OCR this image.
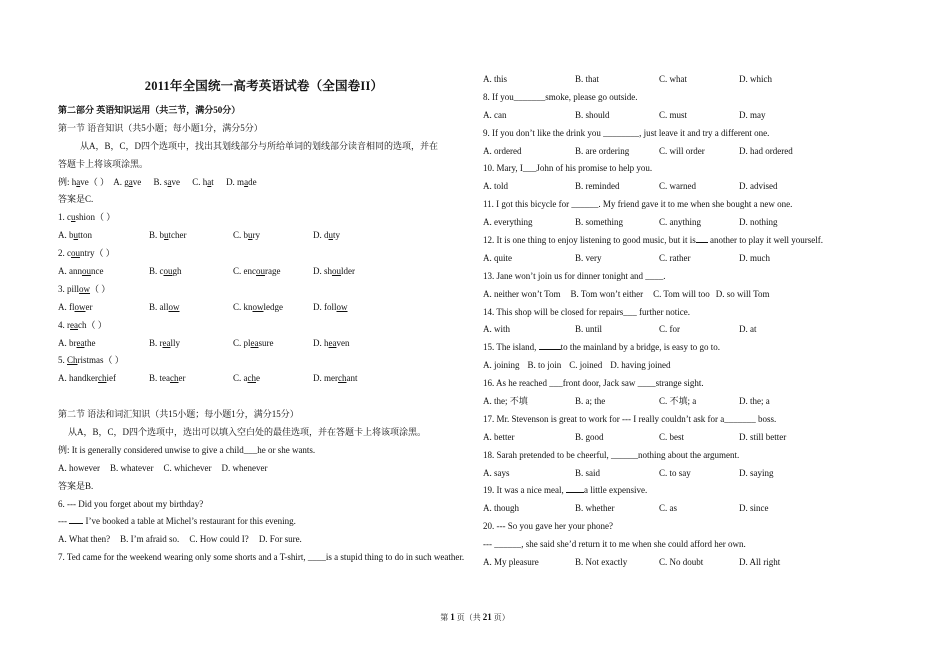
2011年全国统一高考英语试卷（全国卷II）
第二部分 英语知识运用（共三节，满分50分）
第一节 语音知识（共5小题；每小题1分，满分5分）
从A，B，C，D四个选项中，找出其划线部分与所给单词的划线部分读音相同的选项，并在
答题卡上将该项涂黑。
例: have（ ） A. gave B. save C. hat D. made
答案是C.
1. cushion（ ）
A. button	B. butcher	C. bury	D. duty
2. country（ ）
A. announce	B. cough	C. encourage	D. shoulder
3. pillow（ ）
A. flower	B. allow	C. knowledge	D. follow
4. reach（ ）
A. breathe	B. really	C. pleasure	D. heaven
5. Christmas（ ）
A. handkerchief	B. teacher	C. ache	D. merchant
第二节 语法和词汇知识（共15小题；每小题1分，满分15分）
从A，B，C，D四个选项中，选出可以填入空白处的最佳选项，并在答题卡上将该项涂黑。
例: It is generally considered unwise to give a child___he or she wants.
A. however B. whatever C. whichever D. whenever
答案是B.
6. --- Did you forget about my birthday?
---  I’ve booked a table at Michel’s restaurant for this evening.
A. What then? B. I’m afraid so. C. How could I? D. For sure.
7. Ted came for the weekend wearing only some shorts and a T-shirt, ____is a stupid thing to do in such weather.
A. this	B. that	C. what	D. which
8. If you_______smoke, please go outside.
A. can	B. should	C. must	D. may
9. If you don’t like the drink you ________, just leave it and try a different one.
A. ordered	B. are ordering	C. will order	D. had ordered
10. Mary, I___John of his promise to help you.
A. told	B. reminded	C. warned	D. advised
11. I got this bicycle for ______. My friend gave it to me when she bought a new one.
A. everything	B. something	C. anything	D. nothing
12. It is one thing to enjoy listening to good music, but it is another to play it well yourself.
A. quite	B. very	C. rather	D. much
13. Jane won’t join us for dinner tonight and ____.
A. neither won’t Tom B. Tom won’t either C. Tom will too D. so will Tom
14. This shop will be closed for repairs___ further notice.
A. with	B. until	C. for	D. at
15. The island, to the mainland by a bridge, is easy to go to.
A. joining B. to join C. joined D. having joined
16. As he reached ___front door, Jack saw ____strange sight.
A. the; 不填	B. a; the	C. 不填; a	D. the; a
17. Mr. Stevenson is great to work for --- I really couldn’t ask for a_______ boss.
A. better	B. good	C. best	D. still better
18. Sarah pretended to be cheerful, ______nothing about the argument.
A. says	B. said	C. to say	D. saying
19. It was a nice meal, a little expensive.
A. though	B. whether	C. as	D. since
20. --- So you gave her your phone?
--- ______, she said she’d return it to me when she could afford her own.
A. My pleasure	B. Not exactly	C. No doubt	D. All right
第 1 页（共 21 页）
